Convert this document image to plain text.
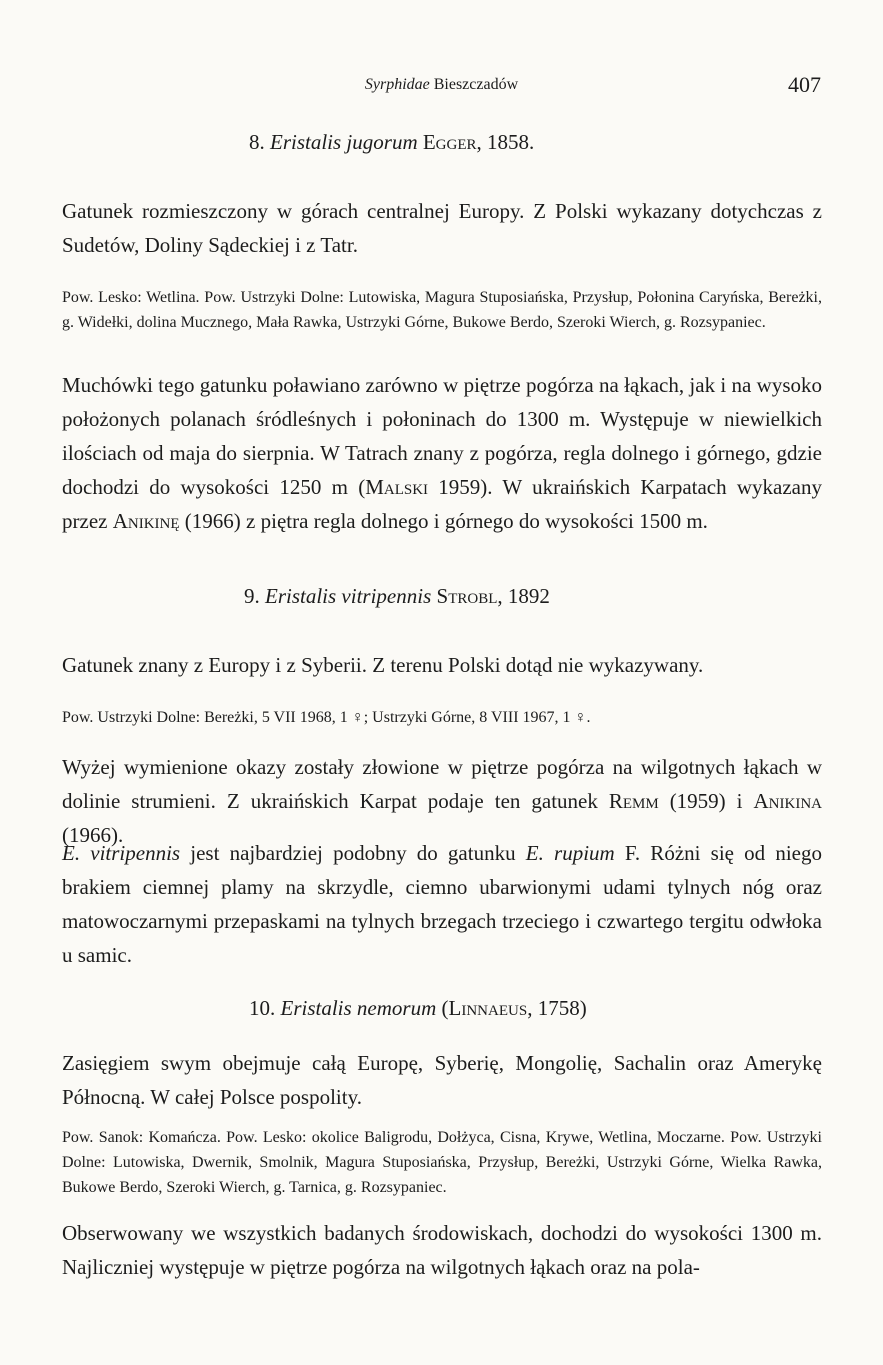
Syrphidae Bieszczadów	407
8. Eristalis jugorum Egger, 1858.
Gatunek rozmieszczony w górach centralnej Europy. Z Polski wykazany dotychczas z Sudetów, Doliny Sądeckiej i z Tatr.
Pow. Lesko: Wetlina. Pow. Ustrzyki Dolne: Lutowiska, Magura Stuposiańska, Przysłup, Połonina Caryńska, Bereżki, g. Widełki, dolina Mucznego, Mała Rawka, Ustrzyki Górne, Bukowe Berdo, Szeroki Wierch, g. Rozsypaniec.
Muchówki tego gatunku poławiano zarówno w piętrze pogórza na łąkach, jak i na wysoko położonych polanach śródleśnych i połoninach do 1300 m. Występuje w niewielkich ilościach od maja do sierpnia. W Tatrach znany z pogórza, regla dolnego i górnego, gdzie dochodzi do wysokości 1250 m (Malski 1959). W ukraińskich Karpatach wykazany przez Anikinę (1966) z piętra regla dolnego i górnego do wysokości 1500 m.
9. Eristalis vitripennis Strobl, 1892
Gatunek znany z Europy i z Syberii. Z terenu Polski dotąd nie wykazywany.
Pow. Ustrzyki Dolne: Bereżki, 5 VII 1968, 1 ♀; Ustrzyki Górne, 8 VIII 1967, 1 ♀.
Wyżej wymienione okazy zostały złowione w piętrze pogórza na wilgotnych łąkach w dolinie strumieni. Z ukraińskich Karpat podaje ten gatunek Remm (1959) i Anikina (1966).
E. vitripennis jest najbardziej podobny do gatunku E. rupium F. Różni się od niego brakiem ciemnej plamy na skrzydle, ciemno ubarwionymi udami tylnych nóg oraz matowoczarnymi przepaskami na tylnych brzegach trzeciego i czwartego tergitu odwłoka u samic.
10. Eristalis nemorum (Linnaeus, 1758)
Zasięgiem swym obejmuje całą Europę, Syberię, Mongolię, Sachalin oraz Amerykę Północną. W całej Polsce pospolity.
Pow. Sanok: Komańcza. Pow. Lesko: okolice Baligrodu, Dołżyca, Cisna, Krywe, Wetlina, Moczarne. Pow. Ustrzyki Dolne: Lutowiska, Dwernik, Smolnik, Magura Stuposiańska, Przysłup, Bereżki, Ustrzyki Górne, Wielka Rawka, Bukowe Berdo, Szeroki Wierch, g. Tarnica, g. Rozsypaniec.
Obserwowany we wszystkich badanych środowiskach, dochodzi do wysokości 1300 m. Najliczniej występuje w piętrze pogórza na wilgotnych łąkach oraz na pola-
